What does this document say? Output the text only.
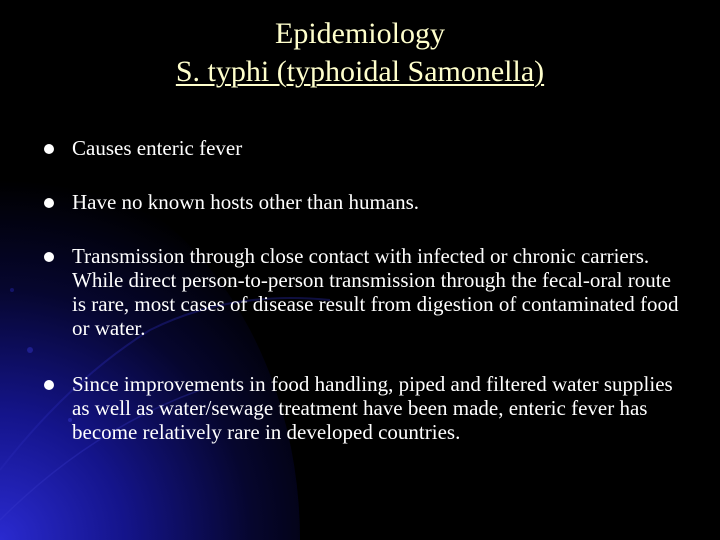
Epidemiology
S. typhi (typhoidal Samonella)
Causes enteric fever
Have no known hosts other than humans.
Transmission through close contact with infected or chronic carriers. While direct person-to-person transmission through the fecal-oral route is rare, most cases of disease result from digestion of contaminated food or water.
Since improvements in food handling, piped and filtered water supplies as well as water/sewage treatment have been made, enteric fever has become relatively rare in developed countries.
